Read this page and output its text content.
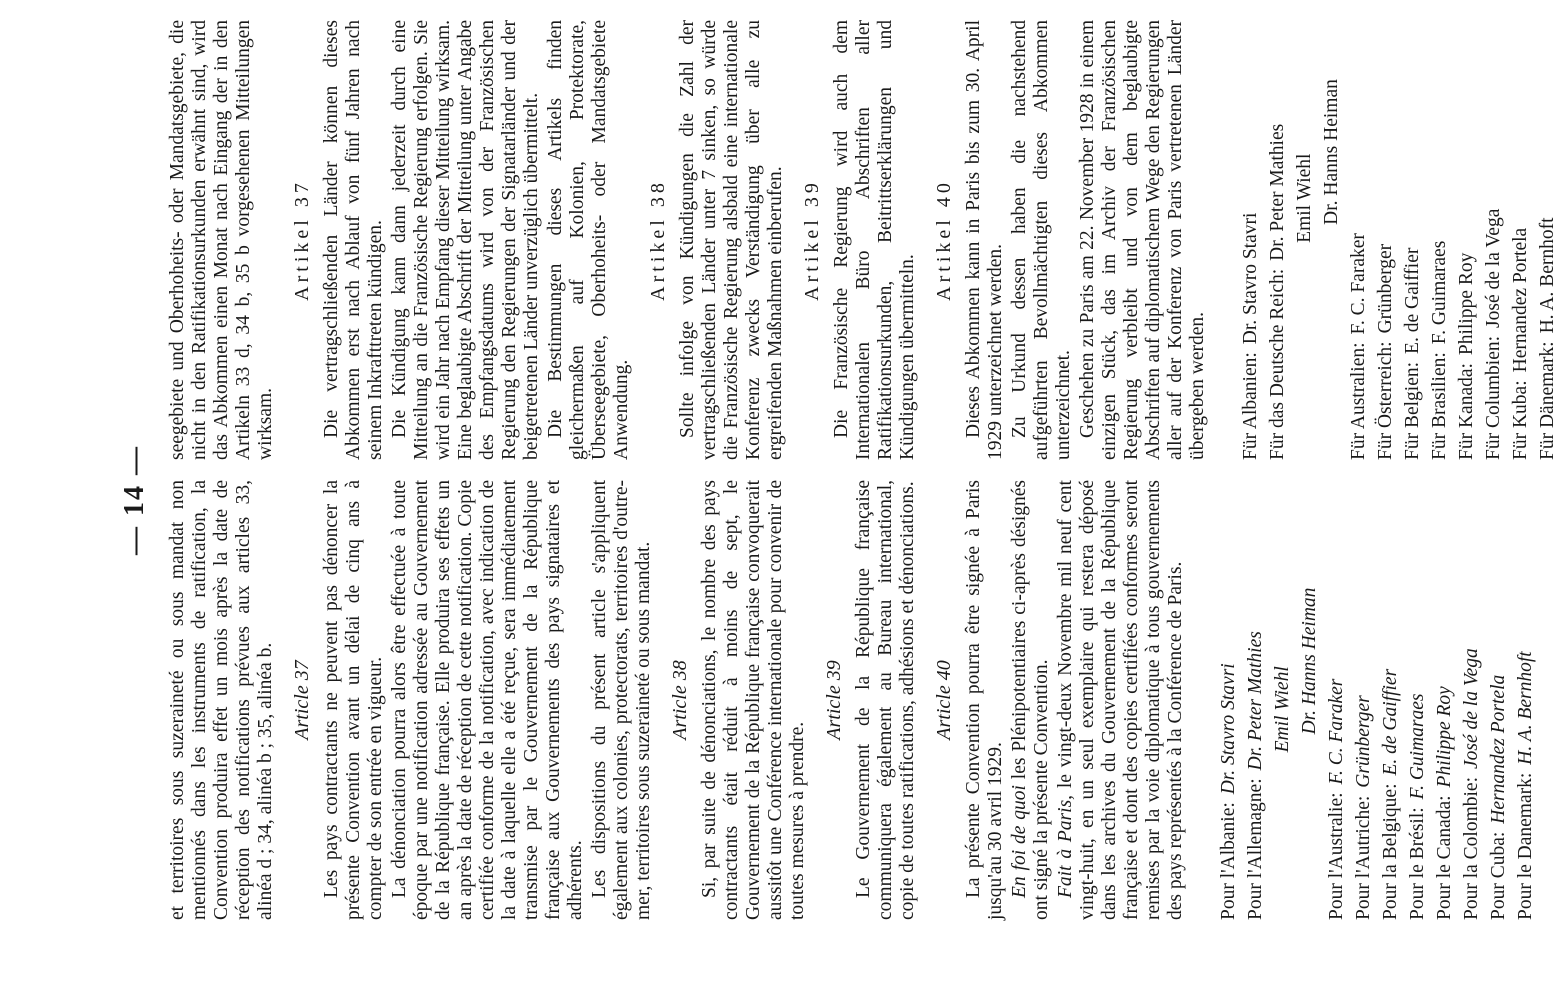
— 14 — et territoires sous suzeraineté ou sous mandat non mentionnés dans les instruments de ratification, la Convention produira effet un mois après la date de réception des notifications prévues aux articles 33, alinéa d ; 34, alinéa b ; 35, alinéa b. Article 37 Les pays contractants ne peuvent pas dénoncer la présente Convention avant un délai de cinq ans à compter de son entrée en vigueur. La dénonciation pourra alors être effectuée à toute époque par une notification adressée au Gouvernement de la République française. Elle produira ses effets un an après la date de réception de cette notification. Copie certifiée conforme de la notification, avec indication de la date à laquelle elle a été reçue, sera immédiatement transmise par le Gouvernement de la République française aux Gouvernements des pays signataires et adhérents. Les dispositions du présent article s'appliquent également aux colonies, protectorats, territoires d'outre-mer, territoires sous suzeraineté ou sous mandat. Article 38 Si, par suite de dénonciations, le nombre des pays contractants était réduit à moins de sept, le Gouvernement de la République française convoquerait aussitôt une Conférence internationale pour convenir de toutes mesures à prendre.

Article 39 Le Gouvernement de la République française communiquera également au Bureau international, copie de toutes ratifications, adhésions et dénonciations. Article 40 La présente Convention pourra être signée à Paris jusqu'au 30 avril 1929. En foi de quoi les Plénipotentiaires ci-après désignés ont signé la présente Convention. Fait à Paris, le vingt-deux Novembre mil neuf cent vingt-huit, en un seul exemplaire qui restera déposé dans les archives du Gouvernement de la République française et dont des copies certifiées conformes seront remises par la voie diplomatique à tous gouvernements des pays représentés à la Conférence de Paris. Pour l'Albanie:
Dr. Stavro Stavri
Pour l'Allemagne:
Dr. Peter Mathies Emil Wiehl Dr. Hanns Heiman
Pour l'Australie:
F. C. Faraker
Pour l'Autriche:
Grünberger
Pour la Belgique:
E. de Gaiffier
Pour le Brésil:
F. Guimaraes
Pour le Canada:
Philippe Roy
Pour la Colombie:
José de la Vega
Pour Cuba:
Hernandez Portela
Pour le Danemark:
H. A. Bernhoft

seegebiete und Oberhoheits- oder Mandatsgebiete, die nicht in den Ratifikationsurkunden erwähnt sind, wird das Abkommen einen Monat nach Eingang der in den Artikeln 33 d, 34 b, 35 b vorgesehenen Mitteilungen wirksam.

Artikel 37 Die vertragschließenden Länder können dieses Abkommen erst nach Ablauf von fünf Jahren nach seinem Inkrafttreten kündigen. Die Kündigung kann dann jederzeit durch eine Mitteilung an die Französische Regierung erfolgen. Sie wird ein Jahr nach Empfang dieser Mitteilung wirksam. Eine beglaubigte Abschrift der Mitteilung unter Angabe des Empfangsdatums wird von der Französischen Regierung den Regierungen der Signatarländer und der beigetretenen Länder unverzüglich übermittelt. Die Bestimmungen dieses Artikels finden gleichermaßen auf Kolonien, Protektorate, Überseegebiete, Oberhoheits- oder Mandatsgebiete Anwendung.

Artikel 38 Sollte infolge von Kündigungen die Zahl der vertragschließenden Länder unter 7 sinken, so würde die Französische Regierung alsbald eine internationale Konferenz zwecks Verständigung über alle zu ergreifenden Maßnahmen einberufen. Artikel 39 Die Französische Regierung wird auch dem Internationalen Büro Abschriften aller Ratifikationsurkunden, Beitrittserklärungen und Kündigungen übermitteln.

Artikel 40 Dieses Abkommen kann in Paris bis zum 30. April 1929 unterzeichnet werden. Zu Urkund dessen haben die nachstehend aufgeführten Bevollmächtigten dieses Abkommen unterzeichnet. Geschehen zu Paris am 22. November 1928 in einem einzigen Stück, das im Archiv der Französischen Regierung verbleibt und von dem beglaubigte Abschriften auf diplomatischem Wege den Regierungen aller auf der Konferenz von Paris vertretenen Länder übergeben werden. Für Albanien:
Dr. Stavro Stavri Für das Deutsche Reich:
Dr. Peter Mathies Emil Wiehl Dr. Hanns Heiman
Für Australien:
F. C. Faraker
Für Österreich:
Grünberger
Für Belgien:
E. de Gaiffier
Für Brasilien:
F. Guimaraes
Für Kanada:
Philippe Roy
Für Columbien:
José de la Vega
Für Kuba:
Hernandez Portela
Für Dänemark:
H. A. Bernhoft
